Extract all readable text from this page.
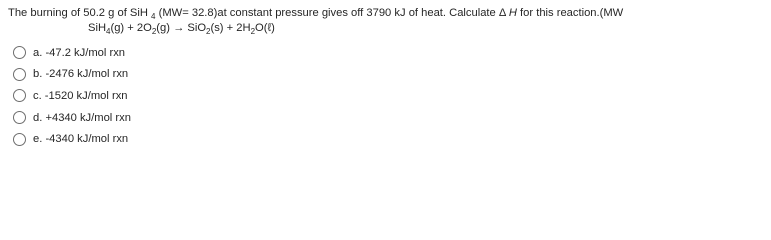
The burning of 50.2 g of SiH $_4$ (MW= 32.8)at constant pressure gives off 3790 kJ of heat. Calculate Δ H for this reaction.(MW
$SiH_4(g) + 2O_2(g) \to SiO_2(s)$ + $2H_2O(\ell)$
a. -47.2 kJ/mol rxn
b. -2476 kJ/mol rxn
c. -1520 kJ/mol rxn
d. +4340 kJ/mol rxn
e. -4340 kJ/mol rxn
